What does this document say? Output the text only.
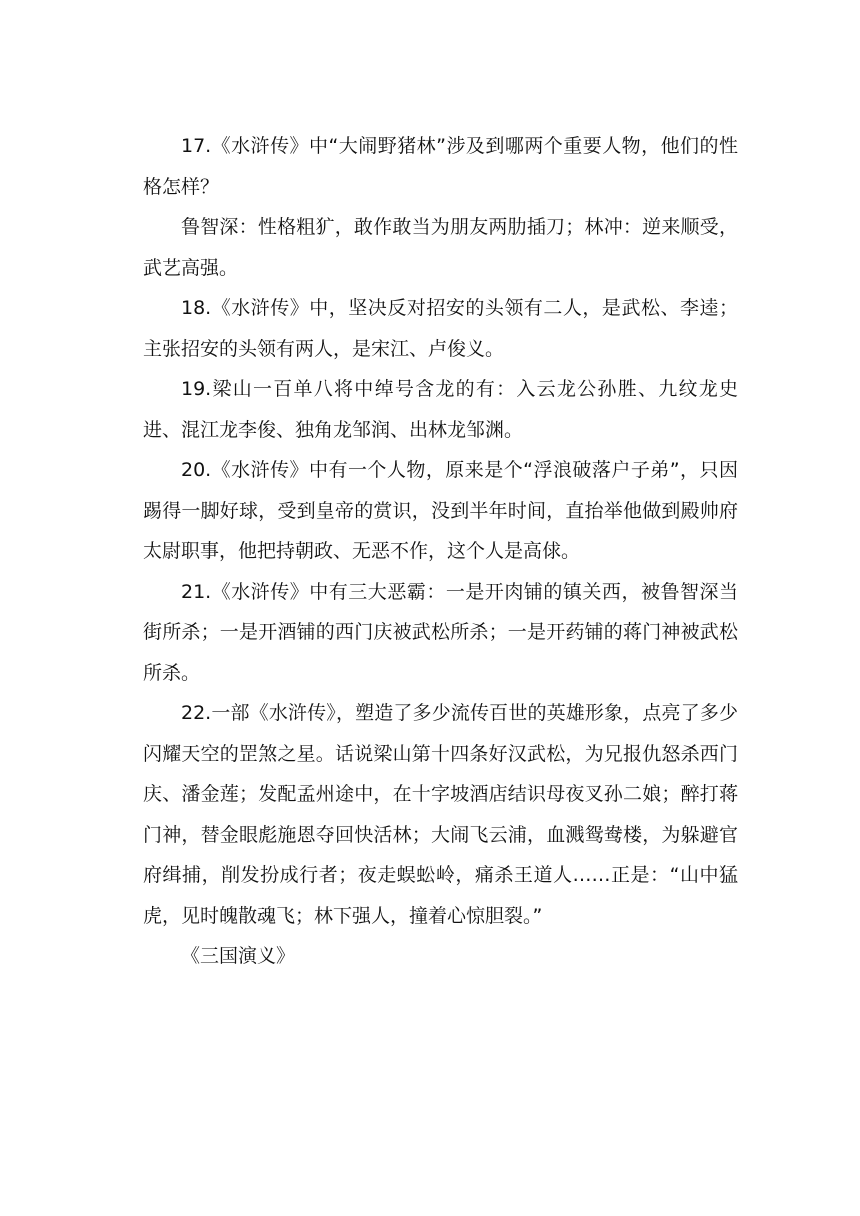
17.《水浒传》中“大闹野猪林”涉及到哪两个重要人物，他们的性格怎样？

鲁智深：性格粗犷，敢作敢当为朋友两肋插刀；林冲：逆来顺受，武艺高强。

18.《水浒传》中，坚决反对招安的头领有二人，是武松、李逵；主张招安的头领有两人，是宋江、卢俊义。

19.梁山一百单八将中绰号含龙的有：入云龙公孙胜、九纹龙史进、混江龙李俊、独角龙邹润、出林龙邹渊。

20.《水浒传》中有一个人物，原来是个“浮浪破落户子弟”，只因踢得一脚好球，受到皇帝的赏识，没到半年时间，直抬举他做到殿帅府太尉职事，他把持朝政、无恶不作，这个人是高俅。

21.《水浒传》中有三大恶霸：一是开肉铺的镇关西，被鲁智深当街所杀；一是开酒铺的西门庆被武松所杀；一是开药铺的蒋门神被武松所杀。

22.一部《水浒传》，塑造了多少流传百世的英雄形象，点亮了多少闪耀天空的罡煞之星。话说梁山第十四条好汉武松，为兄报仇怒杀西门庆、潘金莲；发配孟州途中，在十字坡酒店结识母夜叉孙二娘；醉打蒋门神，替金眼彪施恩夺回快活林；大闹飞云浦，血溅鸳鸯楼，为躲避官府缉捕，削发扮成行者；夜走蜈蚣岭，痛杀王道人……正是：“山中猛虎，见时魄散魂飞；林下强人，撞着心惊胆裂。”

《三国演义》
